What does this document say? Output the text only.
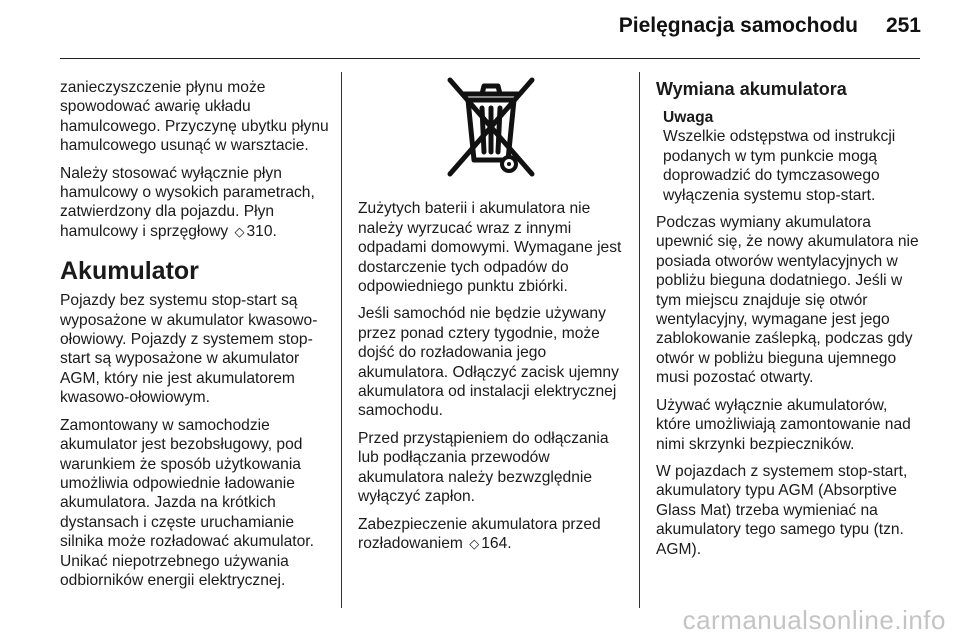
Pielęgnacja samochodu 251

zanieczyszczenie płynu może spowodować awarię układu hamulcowego. Przyczynę ubytku płynu hamulcowego usunąć w warsztacie.

Należy stosować wyłącznie płyn hamulcowy o wysokich parametrach, zatwierdzony dla pojazdu. Płyn hamulcowy i sprzęgłowy ◇ 310.

Akumulator

Pojazdy bez systemu stop-start są wyposażone w akumulator kwasowo-ołowiowy. Pojazdy z systemem stop-start są wyposażone w akumulator AGM, który nie jest akumulatorem kwasowo-ołowiowym.

Zamontowany w samochodzie akumulator jest bezobsługowy, pod warunkiem że sposób użytkowania umożliwia odpowiednie ładowanie akumulatora. Jazda na krótkich dystansach i częste uruchamianie silnika może rozładować akumulator. Unikać niepotrzebnego używania odbiorników energii elektrycznej.

Zużytych baterii i akumulatora nie należy wyrzucać wraz z innymi odpadami domowymi. Wymagane jest dostarczenie tych odpadów do odpowiedniego punktu zbiórki.

Jeśli samochód nie będzie używany przez ponad cztery tygodnie, może dojść do rozładowania jego akumulatora. Odłączyć zacisk ujemny akumulatora od instalacji elektrycznej samochodu.

Przed przystąpieniem do odłączania lub podłączania przewodów akumulatora należy bezwzględnie wyłączyć zapłon.

Zabezpieczenie akumulatora przed rozładowaniem ◇ 164.

Wymiana akumulatora
Uwaga
Wszelkie odstępstwa od instrukcji podanych w tym punkcie mogą doprowadzić do tymczasowego wyłączenia systemu stop-start.

Podczas wymiany akumulatora upewnić się, że nowy akumulatora nie posiada otworów wentylacyjnych w pobliżu bieguna dodatniego. Jeśli w tym miejscu znajduje się otwór wentylacyjny, wymagane jest jego zablokowanie zaślepką, podczas gdy otwór w pobliżu bieguna ujemnego musi pozostać otwarty.

Używać wyłącznie akumulatorów, które umożliwiają zamontowanie nad nimi skrzynki bezpieczników.

W pojazdach z systemem stop-start, akumulatory typu AGM (Absorptive Glass Mat) trzeba wymieniać na akumulatory tego samego typu (tzn. AGM).

carmanualsonline.info
